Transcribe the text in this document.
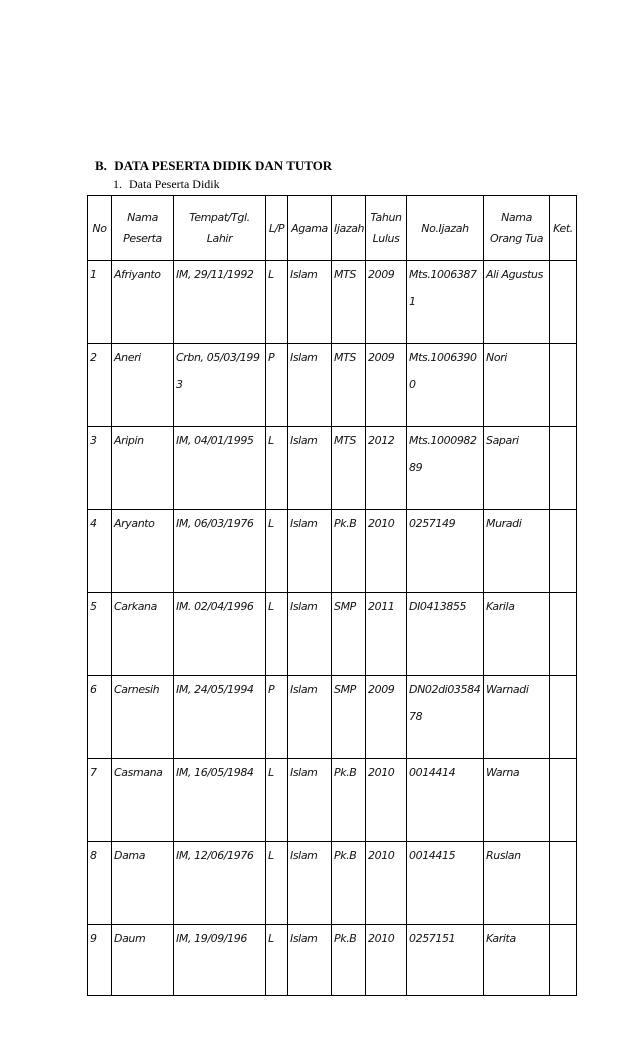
B. DATA PESERTA DIDIK DAN TUTOR
1. Data Peserta Didik
No	Nama Peserta	Tempat/Tgl. Lahir	L/P	Agama	Ijazah	Tahun Lulus	No.Ijazah	Nama Orang Tua	Ket.
1	Afriyanto	IM, 29/11/1992	L	Islam	MTS	2009	Mts.10063871	Ali Agustus	
2	Aneri	Crbn, 05/03/1993	P	Islam	MTS	2009	Mts.10063900	Nori	
3	Aripin	IM, 04/01/1995	L	Islam	MTS	2012	Mts.100098289	Sapari	
4	Aryanto	IM, 06/03/1976	L	Islam	Pk.B	2010	0257149	Muradi	
5	Carkana	IM. 02/04/1996	L	Islam	SMP	2011	DI0413855	Karila	
6	Carnesih	IM, 24/05/1994	P	Islam	SMP	2009	DN02di0358478	Warnadi	
7	Casmana	IM, 16/05/1984	L	Islam	Pk.B	2010	0014414	Warna	
8	Dama	IM, 12/06/1976	L	Islam	Pk.B	2010	0014415	Ruslan	
9	Daum	IM, 19/09/196	L	Islam	Pk.B	2010	0257151	Karita	
